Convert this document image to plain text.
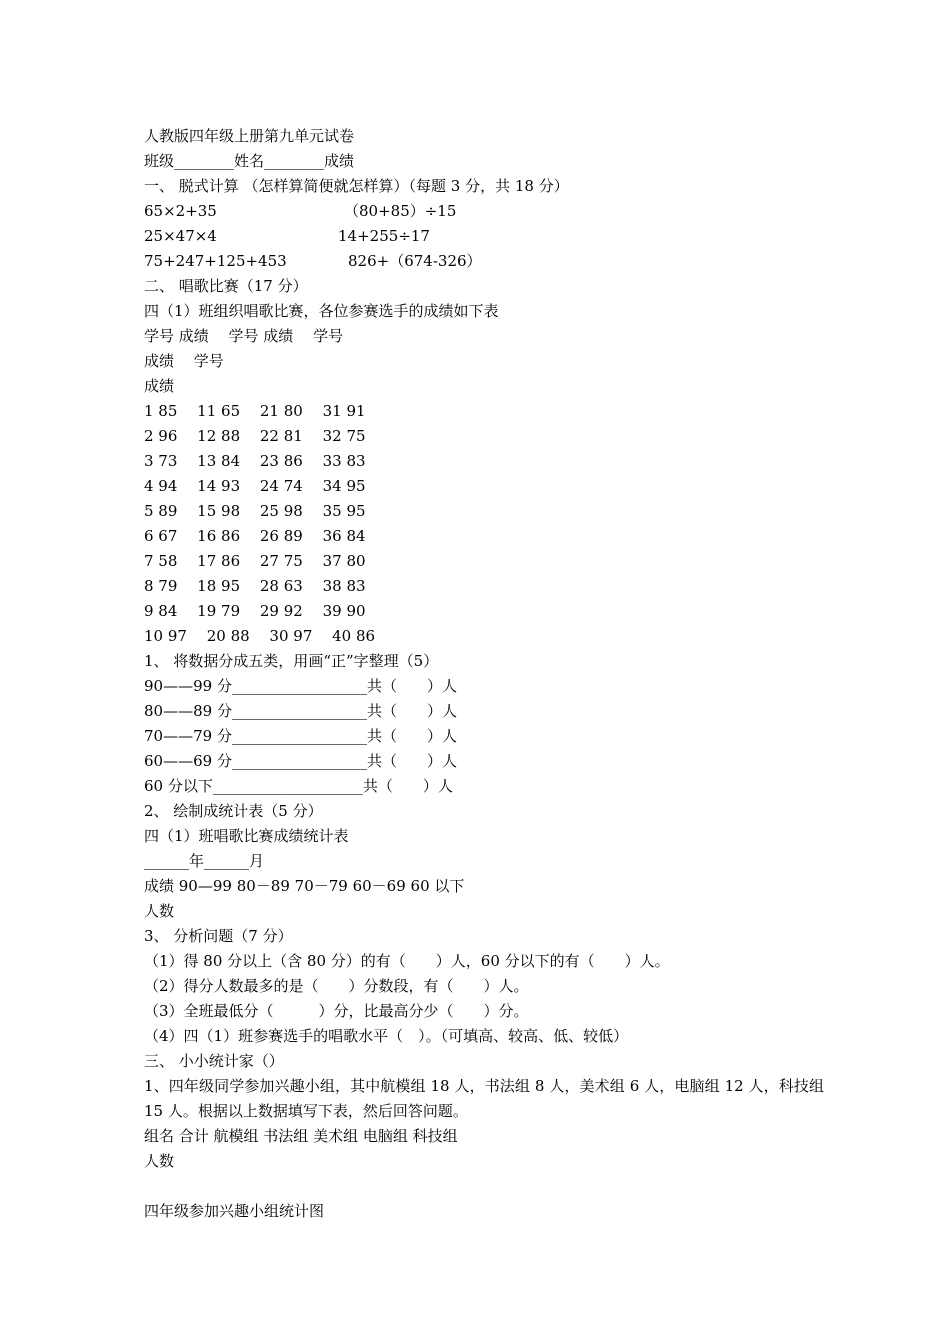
人教版四年级上册第九单元试卷
班级________姓名________成绩
一、 脱式计算 （怎样算简便就怎样算）（每题 3 分，共 18 分）
65×2+35	（80+85）÷15
25×47×4	14+255÷17
75+247+125+453	826+（674-326）
二、 唱歌比赛（17 分）
四（1）班组织唱歌比赛，各位参赛选手的成绩如下表
学号 成绩　 学号 成绩　 学号
成绩　 学号
成绩
1 85　 11 65　 21 80　 31 91
2 96　 12 88　 22 81　 32 75
3 73　 13 84　 23 86　 33 83
4 94　 14 93　 24 74　 34 95
5 89　 15 98　 25 98　 35 95
6 67　 16 86　 26 89　 36 84
7 58　 17 86　 27 75　 37 80
8 79　 18 95　 28 63　 38 83
9 84　 19 79　 29 92　 39 90
10 97　 20 88　 30 97　 40 86
1、 将数据分成五类，用画“正”字整理（5）
90——99 分__________________共（　　）人
80——89 分__________________共（　　）人
70——79 分__________________共（　　）人
60——69 分__________________共（　　）人
60 分以下____________________共（　　）人
2、 绘制成统计表（5 分）
四（1）班唱歌比赛成绩统计表
______年______月
成绩 90—99 80－89 70－79 60－69 60 以下
人数
3、 分析问题（7 分）
（1）得 80 分以上（含 80 分）的有（　　）人，60 分以下的有（　　）人。
（2）得分人数最多的是（　　）分数段，有（　　）人。
（3）全班最低分（　　　）分，比最高分少（　　）分。
（4）四（1）班参赛选手的唱歌水平（　）。（可填高、较高、低、较低）
三、 小小统计家（）
1、四年级同学参加兴趣小组，其中航模组 18 人，书法组 8 人，美术组 6 人，电脑组 12 人，科技组 15 人。根据以上数据填写下表，然后回答问题。
组名 合计 航模组 书法组 美术组 电脑组 科技组
人数
四年级参加兴趣小组统计图
